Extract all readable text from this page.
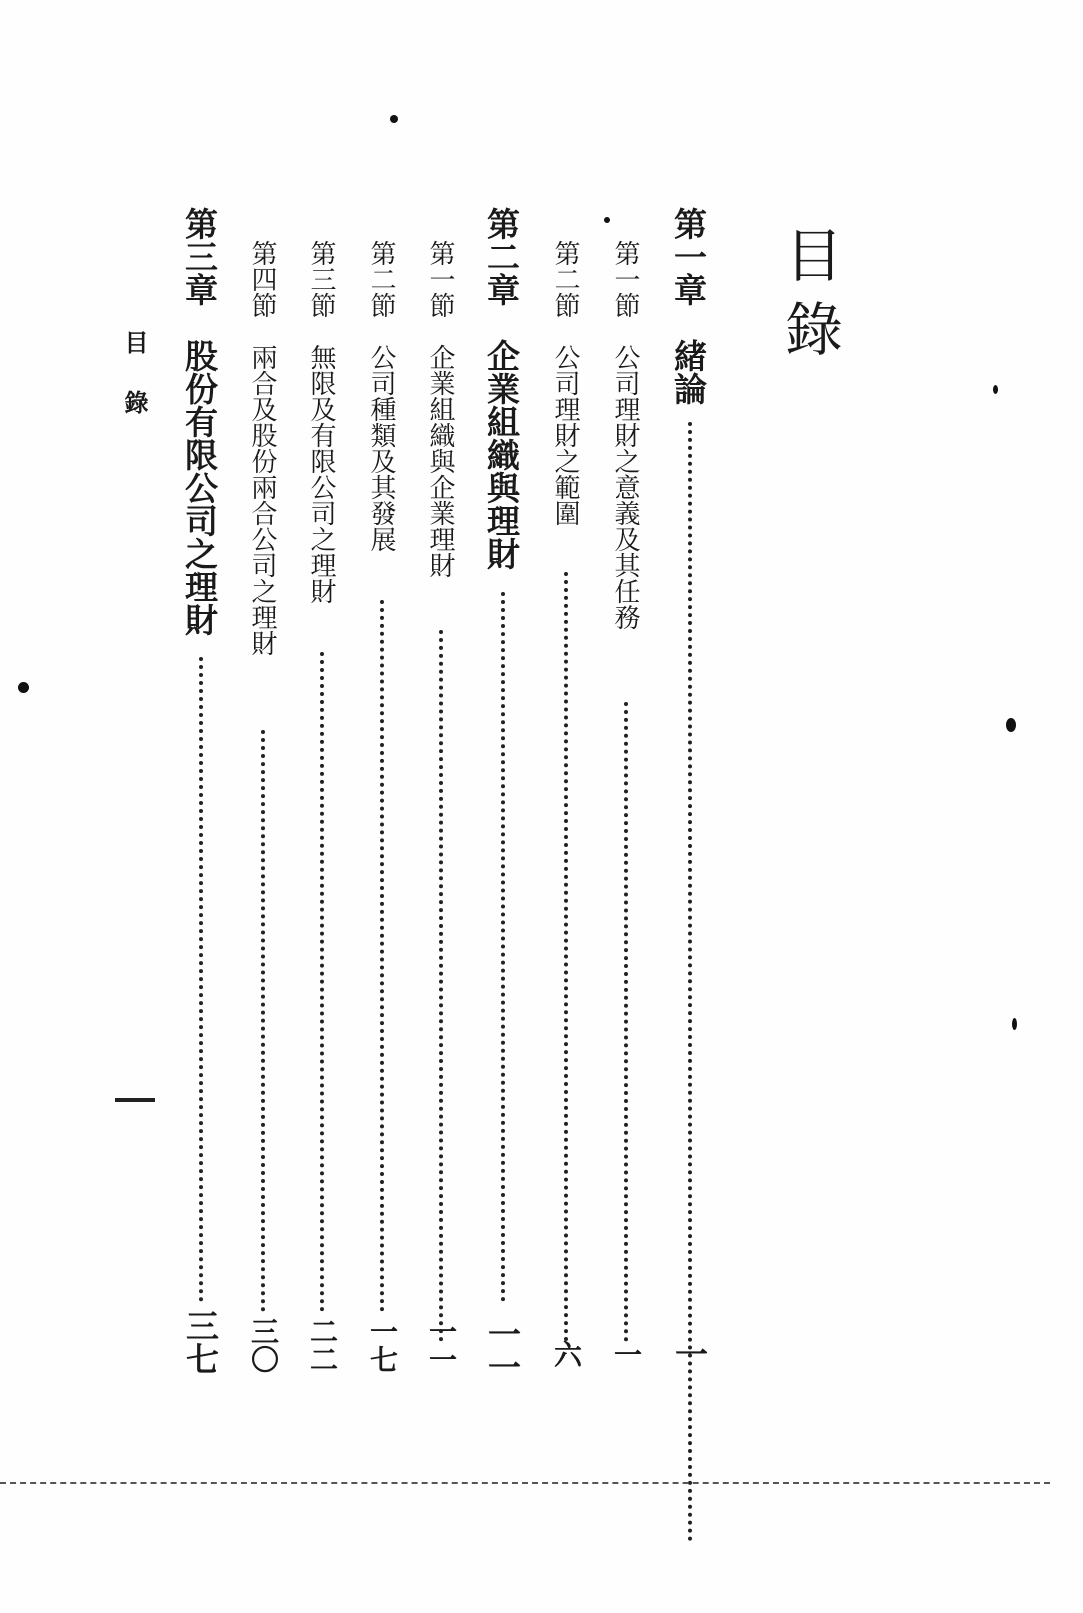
目錄
第一章　緒論
一
第一節　公司理財之意義及其任務
一
第二節　公司理財之範圍
六
第二章　企業組織與理財
一一
第一節　企業組織與企業理財
一一
第二節　公司種類及其發展
一七
第三節　無限及有限公司之理財
二二
第四節　兩合及股份兩合公司之理財
三〇
第三章　股份有限公司之理財
三七
目錄
